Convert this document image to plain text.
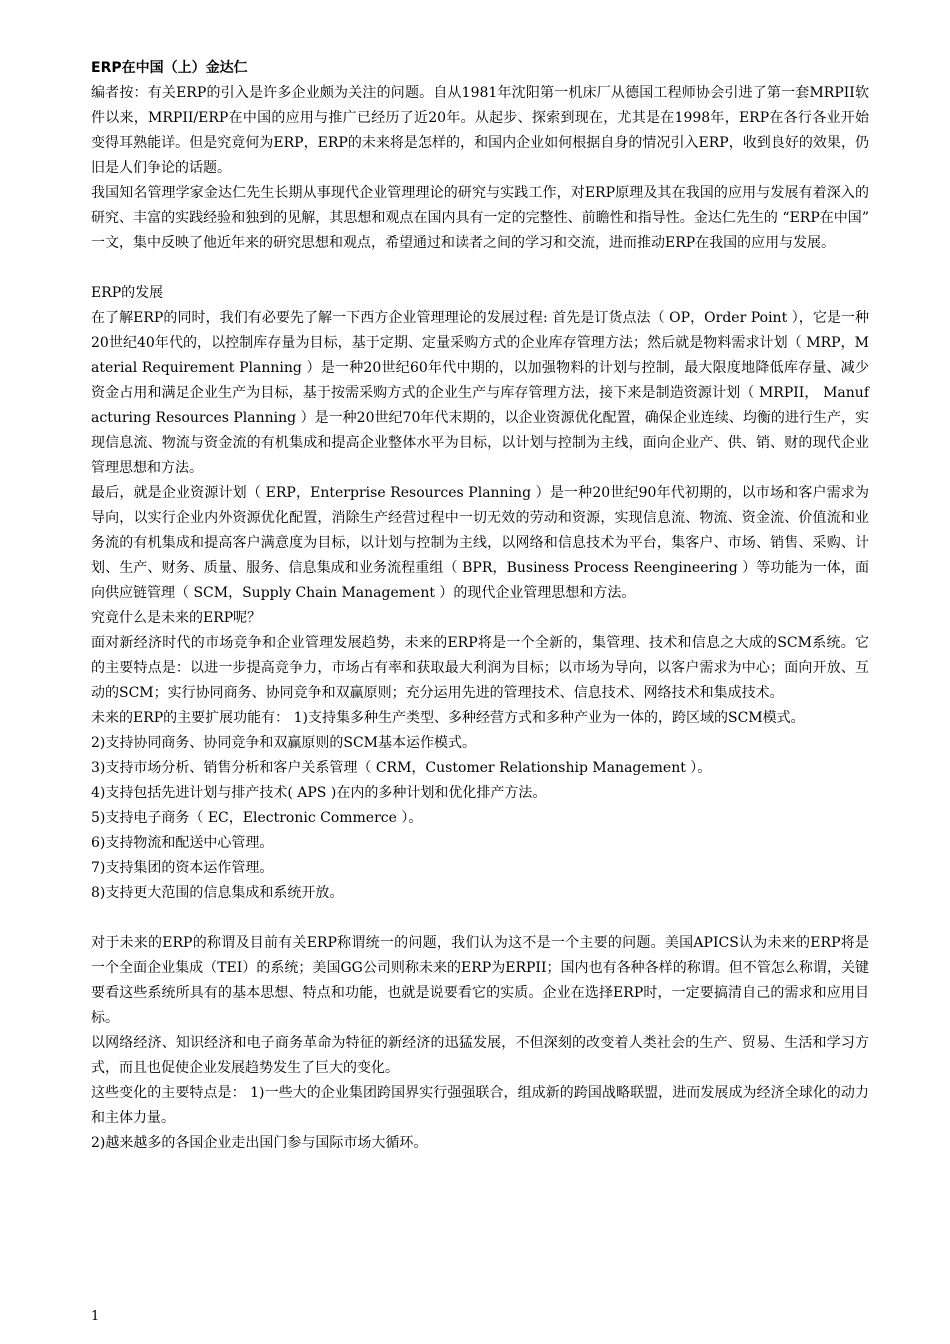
ERP在中国（上）金达仁

编者按：有关ERP的引入是许多企业颇为关注的问题。自从1981年沈阳第一机床厂从德国工程师协会引进了第一套MRPII软件以来，MRPII/ERP在中国的应用与推广已经历了近20年。从起步、探索到现在，尤其是在1998年，ERP在各行各业开始变得耳熟能详。但是究竟何为ERP，ERP的未来将是怎样的，和国内企业如何根据自身的情况引入ERP，收到良好的效果，仍旧是人们争论的话题。

我国知名管理学家金达仁先生长期从事现代企业管理理论的研究与实践工作，对ERP原理及其在我国的应用与发展有着深入的研究、丰富的实践经验和独到的见解，其思想和观点在国内具有一定的完整性、前瞻性和指导性。金达仁先生的 “ERP在中国” 一文，集中反映了他近年来的研究思想和观点，希望通过和读者之间的学习和交流，进而推动ERP在我国的应用与发展。

ERP的发展

在了解ERP的同时，我们有必要先了解一下西方企业管理理论的发展过程: 首先是订货点法（ OP，Order Point ），它是一种20世纪40年代的，以控制库存量为目标，基于定期、定量采购方式的企业库存管理方法；然后就是物料需求计划（ MRP，Material Requirement Planning ）是一种20世纪60年代中期的，以加强物料的计划与控制，最大限度地降低库存量、减少资金占用和满足企业生产为目标，基于按需采购方式的企业生产与库存管理方法，接下来是制造资源计划（ MRPII， Manufacturing Resources Planning ）是一种20世纪70年代末期的，以企业资源优化配置，确保企业连续、均衡的进行生产，实现信息流、物流与资金流的有机集成和提高企业整体水平为目标，以计划与控制为主线，面向企业产、供、销、财的现代企业管理思想和方法。

最后，就是企业资源计划（ ERP，Enterprise Resources Planning ）是一种20世纪90年代初期的，以市场和客户需求为导向，以实行企业内外资源优化配置，消除生产经营过程中一切无效的劳动和资源，实现信息流、物流、资金流、价值流和业务流的有机集成和提高客户满意度为目标，以计划与控制为主线，以网络和信息技术为平台，集客户、市场、销售、采购、计划、生产、财务、质量、服务、信息集成和业务流程重组（ BPR，Business Process Reengineering ）等功能为一体，面向供应链管理（ SCM，Supply Chain Management ）的现代企业管理思想和方法。

究竟什么是未来的ERP呢？

面对新经济时代的市场竞争和企业管理发展趋势，未来的ERP将是一个全新的，集管理、技术和信息之大成的SCM系统。它的主要特点是：以进一步提高竞争力，市场占有率和获取最大利润为目标；以市场为导向，以客户需求为中心；面向开放、互动的SCM；实行协同商务、协同竞争和双赢原则；充分运用先进的管理技术、信息技术、网络技术和集成技术。

未来的ERP的主要扩展功能有： 1)支持集多种生产类型、多种经营方式和多种产业为一体的，跨区域的SCM模式。

2)支持协同商务、协同竞争和双赢原则的SCM基本运作模式。

3)支持市场分析、销售分析和客户关系管理（ CRM，Customer Relationship Management ）。

4)支持包括先进计划与排产技术( APS )在内的多种计划和优化排产方法。

5)支持电子商务（ EC，Electronic Commerce ）。

6)支持物流和配送中心管理。

7)支持集团的资本运作管理。

8)支持更大范围的信息集成和系统开放。

对于未来的ERP的称谓及目前有关ERP称谓统一的问题，我们认为这不是一个主要的问题。美国APICS认为未来的ERP将是一个全面企业集成（TEI）的系统；美国GG公司则称未来的ERP为ERPII；国内也有各种各样的称谓。但不管怎么称谓，关键要看这些系统所具有的基本思想、特点和功能，也就是说要看它的实质。企业在选择ERP时，一定要搞清自己的需求和应用目标。

以网络经济、知识经济和电子商务革命为特征的新经济的迅猛发展，不但深刻的改变着人类社会的生产、贸易、生活和学习方式，而且也促使企业发展趋势发生了巨大的变化。

这些变化的主要特点是： 1)一些大的企业集团跨国界实行强强联合，组成新的跨国战略联盟，进而发展成为经济全球化的动力和主体力量。

2)越来越多的各国企业走出国门参与国际市场大循环。

1
